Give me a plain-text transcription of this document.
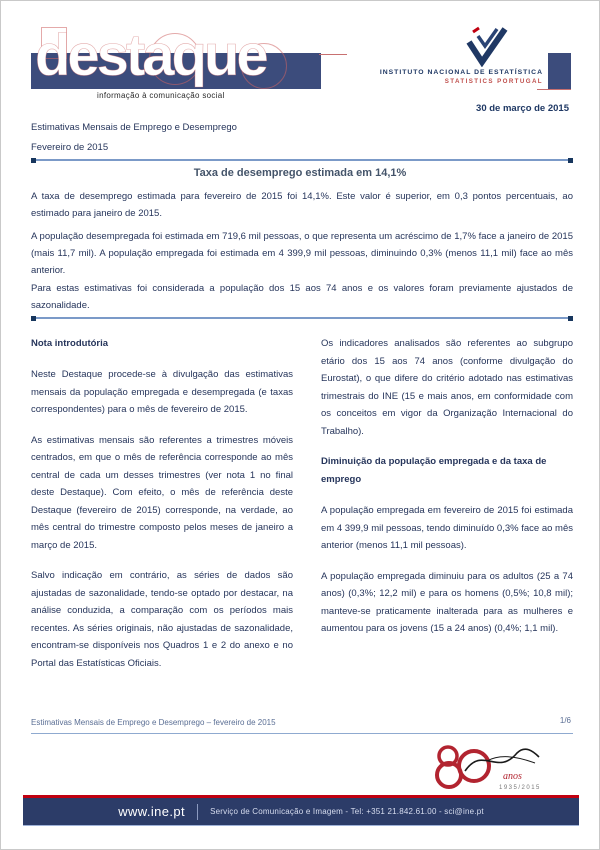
destaque
informação à comunicação social
INSTITUTO NACIONAL DE ESTATÍSTICA
STATISTICS PORTUGAL
30 de março de 2015
Estimativas Mensais de Emprego e Desemprego
Fevereiro de 2015
Taxa de desemprego estimada em 14,1%

A taxa de desemprego estimada para fevereiro de 2015 foi 14,1%. Este valor é superior, em 0,3 pontos percentuais, ao estimado para janeiro de 2015.

A população desempregada foi estimada em 719,6 mil pessoas, o que representa um acréscimo de 1,7% face a janeiro de 2015 (mais 11,7 mil). A população empregada foi estimada em 4 399,9 mil pessoas, diminuindo 0,3% (menos 11,1 mil) face ao mês anterior.

Para estas estimativas foi considerada a população dos 15 aos 74 anos e os valores foram previamente ajustados de sazonalidade.

Nota introdutória

Neste Destaque procede-se à divulgação das estimativas mensais da população empregada e desempregada (e taxas correspondentes) para o mês de fevereiro de 2015.

As estimativas mensais são referentes a trimestres móveis centrados, em que o mês de referência corresponde ao mês central de cada um desses trimestres (ver nota 1 no final deste Destaque). Com efeito, o mês de referência deste Destaque (fevereiro de 2015) corresponde, na verdade, ao mês central do trimestre composto pelos meses de janeiro a março de 2015.

Salvo indicação em contrário, as séries de dados são ajustadas de sazonalidade, tendo-se optado por destacar, na análise conduzida, a comparação com os períodos mais recentes. As séries originais, não ajustadas de sazonalidade, encontram-se disponíveis nos Quadros 1 e 2 do anexo e no Portal das Estatísticas Oficiais.

Os indicadores analisados são referentes ao subgrupo etário dos 15 aos 74 anos (conforme divulgação do Eurostat), o que difere do critério adotado nas estimativas trimestrais do INE (15 e mais anos, em conformidade com os conceitos em vigor da Organização Internacional do Trabalho).

Diminuição da população empregada e da taxa de emprego

A população empregada em fevereiro de 2015 foi estimada em 4 399,9 mil pessoas, tendo diminuído 0,3% face ao mês anterior (menos 11,1 mil pessoas).

A população empregada diminuiu para os adultos (25 a 74 anos) (0,3%; 12,2 mil) e para os homens (0,5%; 10,8 mil); manteve-se praticamente inalterada para as mulheres e aumentou para os jovens (15 a 24 anos) (0,4%; 1,1 mil).

Estimativas Mensais de Emprego e Desemprego – fevereiro de 2015	1/6
anos
1935/2015
www.ine.pt	Serviço de Comunicação e Imagem - Tel: +351 21.842.61.00 - sci@ine.pt
